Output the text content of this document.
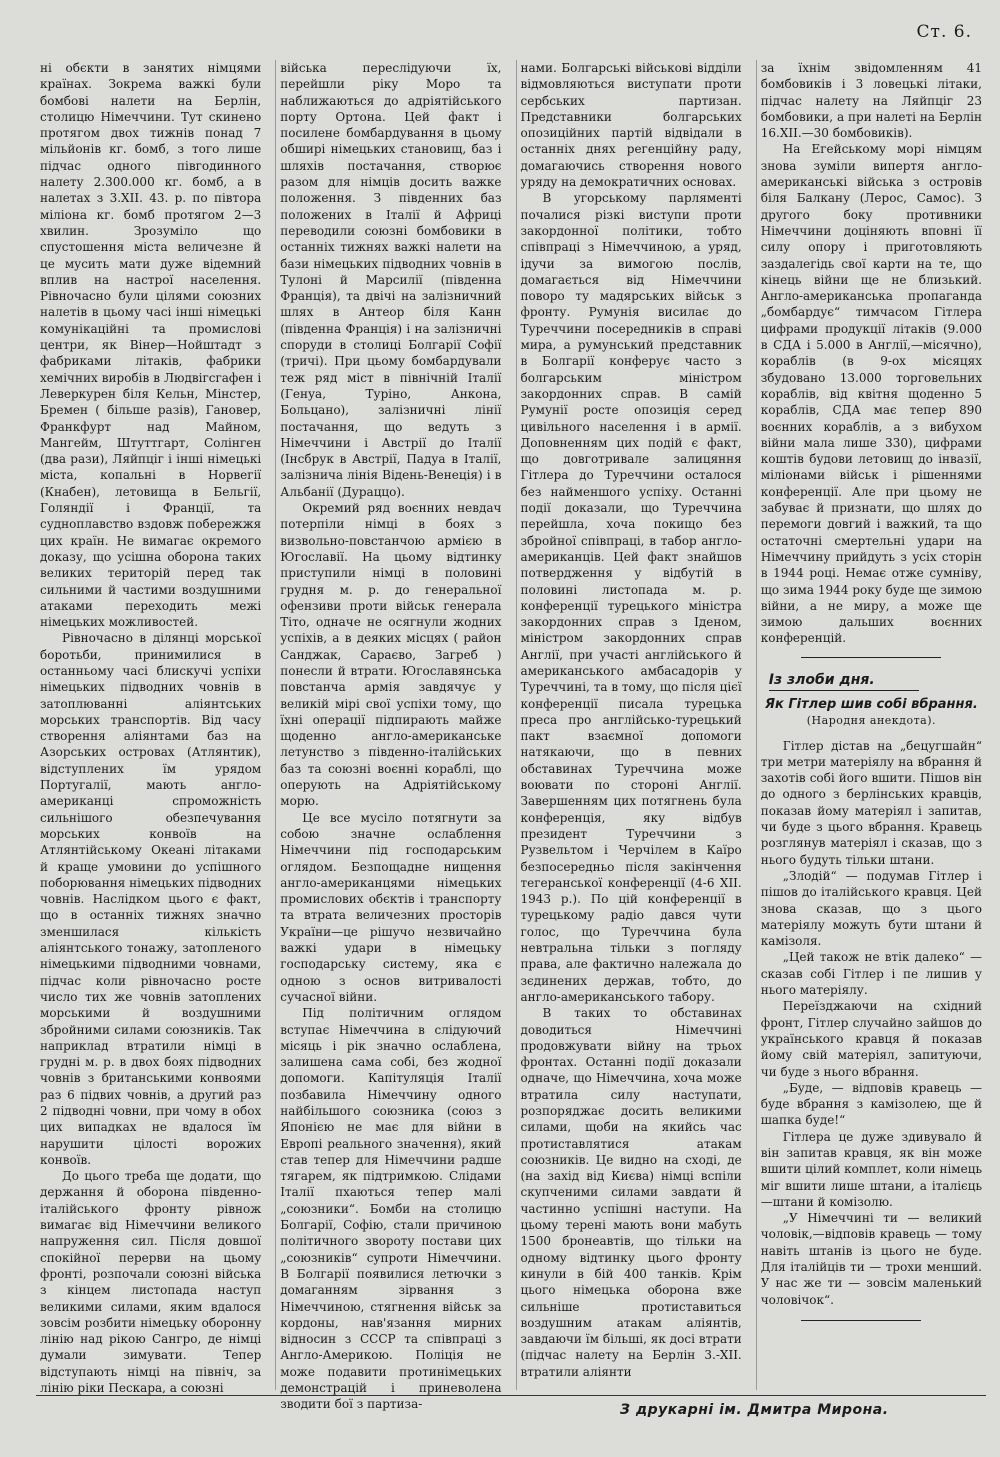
Ст. 6.

ні обєкти в занятих німцями країнах. Зокрема важкі були бомбові налети на Берлін, столицю Німеччини. Тут скинено протягом двох тижнів понад 7 мільйонів кг. бомб, з того лише підчас одного півгодинного налету 2.300.000 кг. бомб, а в налетах з 3.ХІІ. 43. р. по півтора міліона кг. бомб протягом 2—3 хвилин. Зрозуміло що спустошення міста величезне й це мусить мати дуже відемний вплив на настрої населення. Рівночасно були цілями союзних налетів в цьому часі інші німецькі комунікаційні та промислові центри, як Вінер—Нойштадт з фабриками літаків, фабрики хемічних виробів в Людвігсгафен і Леверкурен біля Кельн, Мінстер, Бремен ( більше разів), Гановер, Франкфурт над Майном, Мангейм, Штуттгарт, Солінген (два рази), Ляйпціг і інші німецькі міста, копальні в Норвегії (Кнабен), летовища в Бельгії, Голяндії і Франції, та судноплавство вздовж побережжя цих країн. Не вимагає окремого доказу, що усішна оборона таких великих територій перед так сильними й частими воздушними атаками переходить межі німецьких можливостей.

Рівночасно в ділянці морської боротьби, принимилися в останньому часі блискучі успіхи німецьких підводних човнів в затоплюванні аліянтських морських транспортів. Від часу створення аліянтами баз на Азорських островах (Атлянтик), відступлених їм урядом Португалії, мають англо-американці спроможність сильнішого обезпечування морських конвоїв на Атлянтійському Океані літаками й краще умовини до успішного поборювання німецьких підводних човнів. Наслідком цього є факт, що в останніх тижнях значно зменшилася кількість аліянтського тонажу, затопленого німецькими підводними човнами, підчас коли рівночасно росте число тих же човнів затоплених морськими й воздушними збройними силами союзників. Так наприклад втратили німці в грудні м. р. в двох боях підводних човнів з британськими конвоями раз 6 підвих човнів, а другий раз 2 підводні човни, при чому в обох цих випадках не вдалося їм нарушити цілості ворожих конвоїв.

До цього треба ще додати, що держання й оборона південно-італійського фронту рівнож вимагає від Німеччини великого напруження сил. Після довшої спокійної перерви на цьому фронті, розпочали союзні війська з кінцем листопада наступ великими силами, яким вдалося зовсім розбити німецьку оборонну лінію над рікою Сангро, де німці думали зимувати. Тепер відступають німці на північ, за лінію ріки Пескара, а союзні

війська переслідуючи їх, перейшли ріку Моро та наближаються до адріятійського порту Ортона. Цей факт і посилене бомбардування в цьому обширі німецьких становищ, баз і шляхів постачання, створює разом для німців досить важке положення. З південних баз положених в Італії й Африці переводили союзні бомбовики в останніх тижнях важкі налети на бази німецьких підводних човнів в Тулоні й Марсилії (південна Франція), та двічі на залізничний шлях в Антеор біля Канн (південна Франція) і на залізничні споруди в столиці Болгарії Софії (тричі). При цьому бомбардували теж ряд міст в північній Італії (Генуа, Туріно, Анкона, Больцано), залізничні лінії постачання, що ведуть з Німеччини і Австрії до Італії (Інсбрук в Австрії, Падуа в Італії, залізнича лінія Відень-Венеція) і в Альбанії (Дураццо).

Окремий ряд воєнних невдач потерпіли німці в боях з визвольно-повстанчою армією в Югославії. На цьому відтинку приступили німці в половині грудня м. р. до генеральної офензиви проти військ генерала Тіто, одначе не осягнули жодних успіхів, а в деяких місцях ( район Санджак, Сараєво, Загреб ) понесли й втрати. Югославянська повстанча армія завдячує у великій мірі свої успіхи тому, що їхні операції підпирають майже щоденно англо-американське летунство з південно-італійських баз та союзні воєнні кораблі, що оперують на Адріятійському морю.

Це все мусіло потягнути за собою значне ослаблення Німеччини під господарським оглядом. Безпощадне нищення англо-американцями німецьких промислових обєктів і транспорту та втрата величезних просторів України—це рішучо незвичайно важкі удари в німецьку господарську систему, яка є одною з основ витривалості сучасної війни.

Під політичним оглядом вступає Німеччина в слідуючий місяць і рік значно ослаблена, залишена сама собі, без жодної допомоги. Капітуляція Італії позбавила Німеччину одного найбільшого союзника (союз з Японією не має для війни в Европі реального значення), який став тепер для Німеччини радше тягарем, як підтримкою. Слідами Італії пхаються тепер малі „союзники“. Бомби на столицю Болгарії, Софію, стали причиною політичного звороту постави цих „союзників“ супроти Німеччини. В Болгарії появилися летючки з домаганням зірвання з Німеччиною, стягнення військ за кордоны, нав'язання мирних відносин з СССР та співпраці з Англо-Америкою. Поліція не може подавити протинімецьких демонстрацій і приневолена зводити бої з партиза-

нами. Болгарські військові відділи відмовляються виступати проти сербських партизан. Представники болгарських опозиційних партій відвідали в останніх днях регенційну раду, домагаючись створення нового уряду на демократичних основах.

В угорському парляменті почалися різкі виступи проти закордонної політики, тобто співпраці з Німеччиною, а уряд, ідучи за вимогою послів, домагається від Німеччини поворо ту мадярських військ з фронту. Румунія висилає до Туреччини посередників в справі мира, а румунський представник в Болгарії конферує часто з болгарським міністром закордонних справ. В самій Румунії росте опозиція серед цивільного населення і в армії. Доповненням цих подій є факт, що довготривале залицяння Гітлера до Туреччини осталося без найменшого успіху. Останні події доказали, що Туреччина перейшла, хоча покищо без збройної співпраці, в табор англо-американців. Цей факт знайшов потвердження у відбутій в половині листопада м. р. конференції турецького міністра закордонних справ з Іденом, міністром закордонних справ Англії, при участі англійського й американського амбасадорів у Туреччині, та в тому, що після цієї конференції писала турецька преса про англійсько-турецький пакт взаємної допомоги натякаючи, що в певних обставинах Туреччина може воювати по стороні Англії. Завершенням цих потягнень була конференція, яку відбув президент Туреччини з Рузвельтом і Черчілем в Каїро безпосередньо після закінчення тегеранської конференції (4-6 ХІІ. 1943 р.). По цій конференції в турецькому радіо дався чути голос, що Туреччина була невтральна тільки з погляду права, але фактично належала до зєдинених держав, тобто, до англо-американського табору.

В таких то обставинах доводиться Німеччині продовжувати війну на трьох фронтах. Останні події доказали одначе, що Німеччина, хоча може втратила силу наступати, розпоряджає досить великими силами, щоби на якийсь час протиставлятися атакам союзників. Це видно на сході, де (на захід від Києва) німці вспіли скупченими силами завдати й частинно успішні наступи. На цьому терені мають вони мабуть 1500 бронеавтів, що тільки на одному відтинку цього фронту кинули в бій 400 танків. Крім цього німецька оборона вже сильніше протиставиться воздушним атакам аліянтів, завдаючи їм більші, як досі втрати (підчас налету на Берлін 3.-ХІІ. втратили аліянти

за їхнім звідомленням 41 бомбовиків і 3 ловецькі літаки, підчас налету на Ляйпціг 23 бомбовики, а при налеті на Берлін 16.ХІІ.—30 бомбовиків).

На Егейському морі німцям знова зуміли випертя англо-американські війська з островів біля Балкану (Лерос, Самос). З другого боку противники Німеччини доціняють вповні її силу опору і приготовляють заздалегідь свої карти на те, що кінець війни ще не близький. Англо-американська пропаганда „бомбардує“ тимчасом Гітлера цифрами продукції літаків (9.000 в СДА і 5.000 в Англії,—місячно), кораблів (в 9-ох місяцях збудовано 13.000 торговельних кораблів, від квітня щоденно 5 кораблів, СДА має тепер 890 воєнних кораблів, а з вибухом війни мала лише 330), цифрами коштів будови летовищ до інвазії, міліонами військ і рішеннями конференції. Але при цьому не забуває й признати, що шлях до перемоги довгий і важкий, та що остаточні смертельні удари на Німеччину прийдуть з усіх сторін в 1944 році. Немає отже сумніву, що зима 1944 року буде ще зимою війни, а не миру, а може ще зимою дальших воєнних конференцій.

Із злоби дня.
Як Гітлер шив собі вбрання.
(Народня анекдота).

Гітлер дістав на „бецугшайн“ три метри матеріялу на вбрання й захотів собі його вшити. Пішов він до одного з берлінських кравців, показав йому матеріял і запитав, чи буде з цього вбрання. Кравець розглянув матеріял і сказав, що з нього будуть тільки штани.

„Злодій“ — подумав Гітлер і пішов до італійського кравця. Цей знова сказав, що з цього матеріялу можуть бути штани й камізоля.

„Цей також не втік далеко“ — сказав собі Гітлер і пе лишив у нього матеріялу.

Переїзджаючи на східний фронт, Гітлер случайно зайшов до українського кравця й показав йому свій матеріял, запитуючи, чи буде з нього вбрання.

„Буде, — відповів кравець — буде вбрання з камізолею, ще й шапка буде!“

Гітлера це дуже здивувало й він запитав кравця, як він може вшити цілий комплет, коли німець міг вшити лише штани, а італієць—штани й комізолю.

„У Німеччині ти — великий чоловік,—відповів кравець — тому навіть штанів із цього не буде. Для італійців ти — трохи менший. У нас же ти — зовсім маленький чоловічок“.

З друкарні ім. Дмитра Мирона.
